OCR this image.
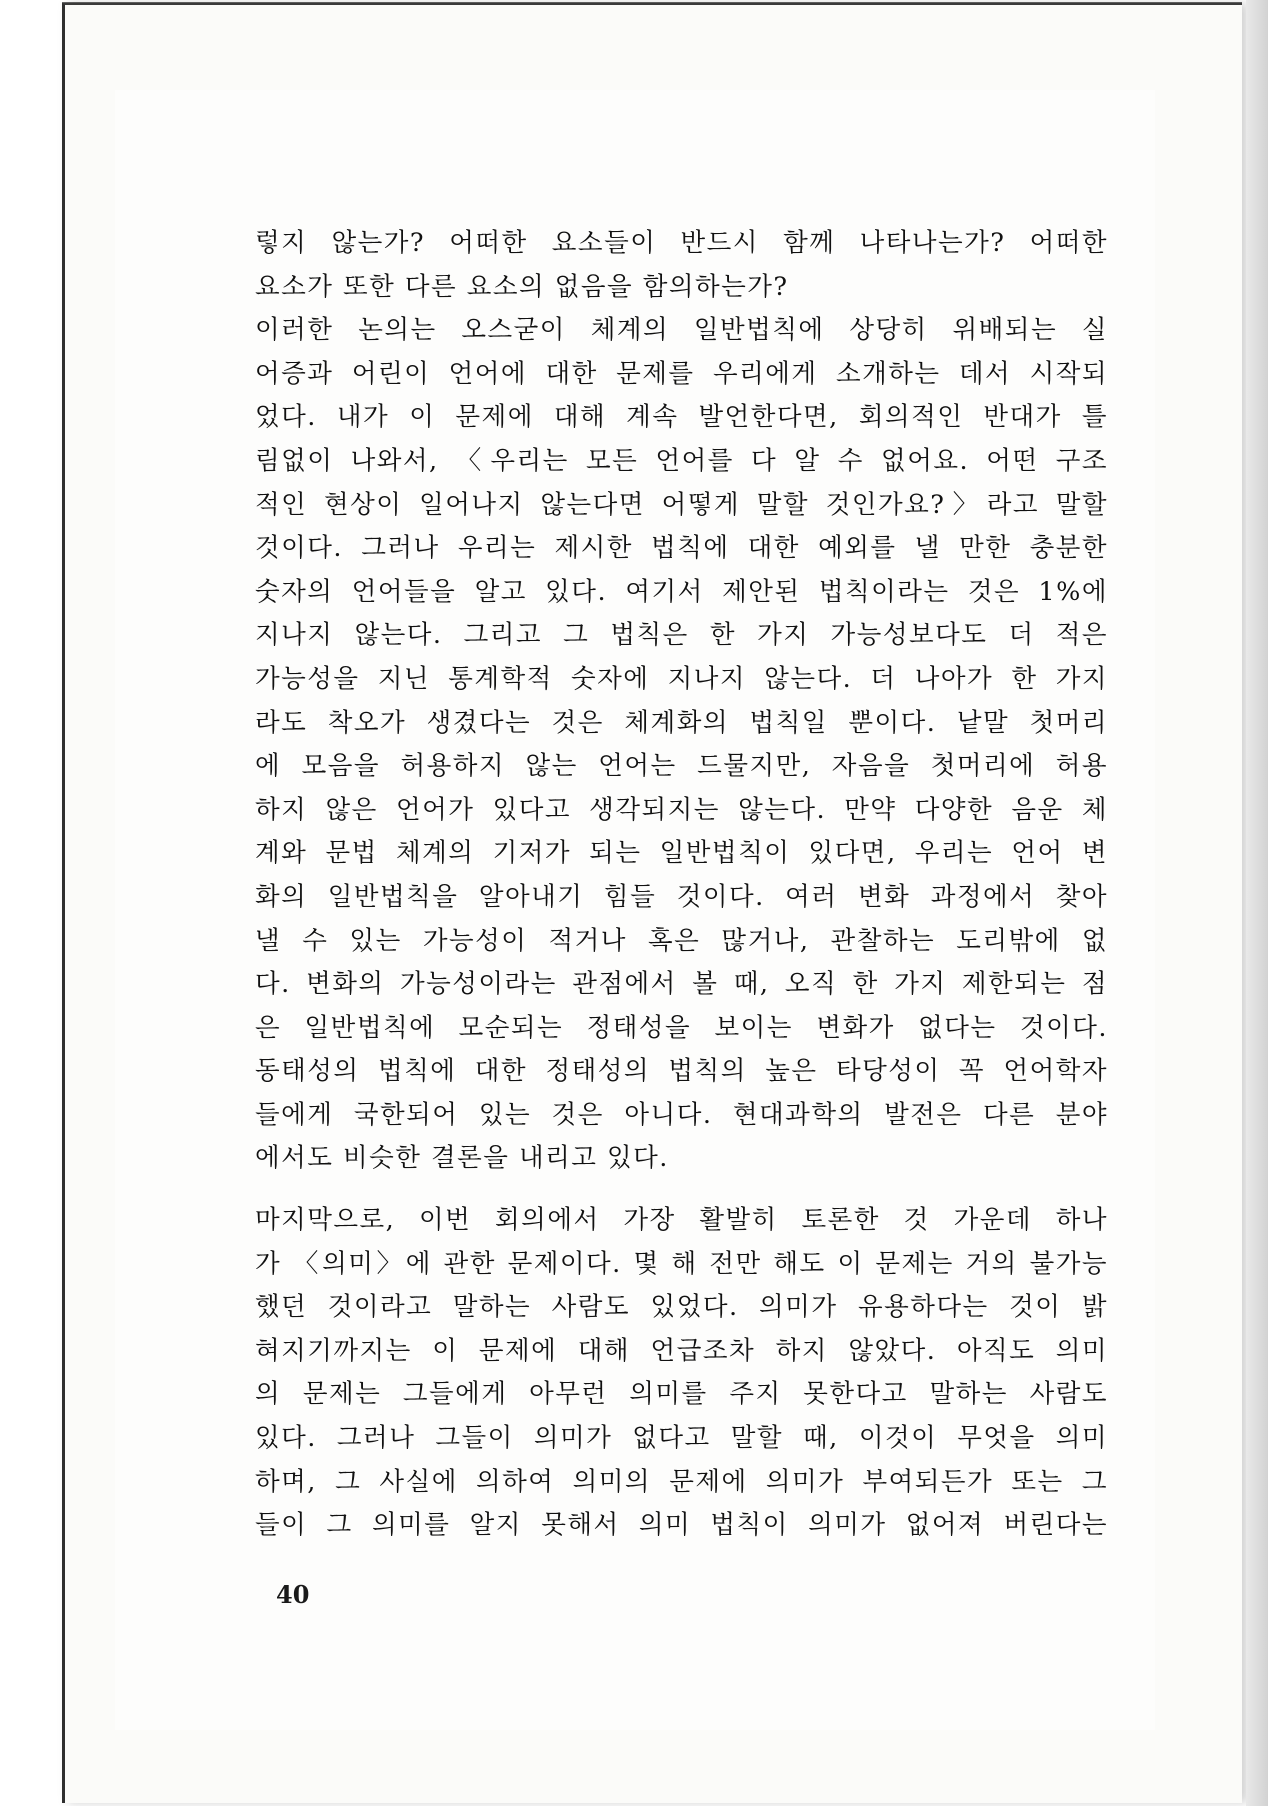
렇지 않는가? 어떠한 요소들이 반드시 함께 나타나는가? 어떠한
요소가 또한 다른 요소의 없음을 함의하는가?
이러한 논의는 오스굳이 체계의 일반법칙에 상당히 위배되는 실
어증과 어린이 언어에 대한 문제를 우리에게 소개하는 데서 시작되
었다. 내가 이 문제에 대해 계속 발언한다면, 회의적인 반대가 틀
림없이 나와서, 〈우리는 모든 언어를 다 알 수 없어요. 어떤 구조
적인 현상이 일어나지 않는다면 어떻게 말할 것인가요?〉라고 말할
것이다. 그러나 우리는 제시한 법칙에 대한 예외를 낼 만한 충분한
숫자의 언어들을 알고 있다. 여기서 제안된 법칙이라는 것은 1%에
지나지 않는다. 그리고 그 법칙은 한 가지 가능성보다도 더 적은
가능성을 지닌 통계학적 숫자에 지나지 않는다. 더 나아가 한 가지
라도 착오가 생겼다는 것은 체계화의 법칙일 뿐이다. 낱말 첫머리
에 모음을 허용하지 않는 언어는 드물지만, 자음을 첫머리에 허용
하지 않은 언어가 있다고 생각되지는 않는다. 만약 다양한 음운 체
계와 문법 체계의 기저가 되는 일반법칙이 있다면, 우리는 언어 변
화의 일반법칙을 알아내기 힘들 것이다. 여러 변화 과정에서 찾아
낼 수 있는 가능성이 적거나 혹은 많거나, 관찰하는 도리밖에 없
다. 변화의 가능성이라는 관점에서 볼 때, 오직 한 가지 제한되는 점
은 일반법칙에 모순되는 정태성을 보이는 변화가 없다는 것이다.
동태성의 법칙에 대한 정태성의 법칙의 높은 타당성이 꼭 언어학자
들에게 국한되어 있는 것은 아니다. 현대과학의 발전은 다른 분야
에서도 비슷한 결론을 내리고 있다.
마지막으로, 이번 회의에서 가장 활발히 토론한 것 가운데 하나
가 〈의미〉에 관한 문제이다. 몇 해 전만 해도 이 문제는 거의 불가능
했던 것이라고 말하는 사람도 있었다. 의미가 유용하다는 것이 밝
혀지기까지는 이 문제에 대해 언급조차 하지 않았다. 아직도 의미
의 문제는 그들에게 아무런 의미를 주지 못한다고 말하는 사람도
있다. 그러나 그들이 의미가 없다고 말할 때, 이것이 무엇을 의미
하며, 그 사실에 의하여 의미의 문제에 의미가 부여되든가 또는 그
들이 그 의미를 알지 못해서 의미 법칙이 의미가 없어져 버린다는
40
